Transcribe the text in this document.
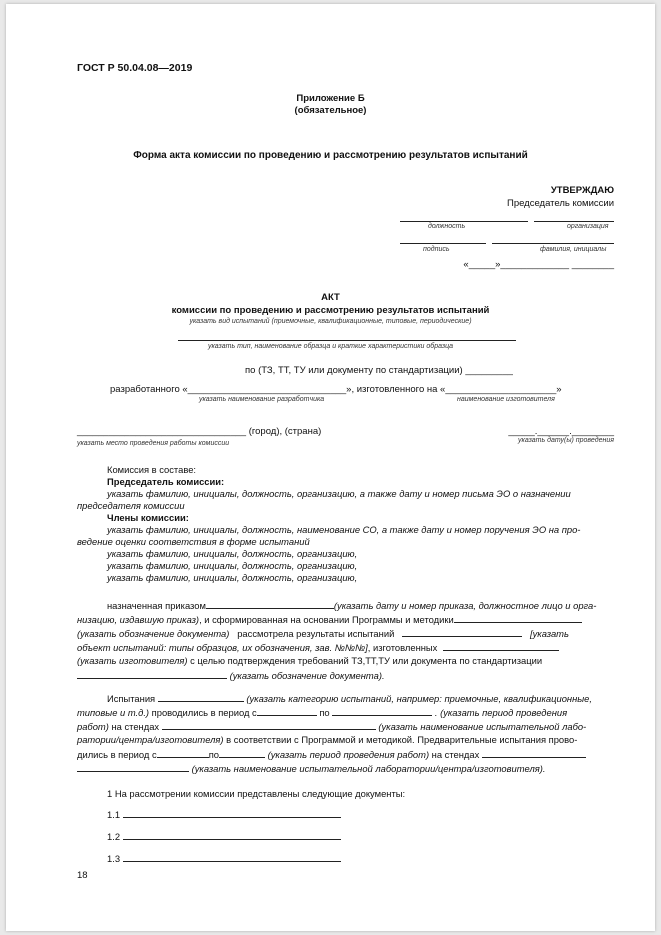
ГОСТ Р 50.04.08—2019
Приложение Б
(обязательное)
Форма акта комиссии по проведению и рассмотрению результатов испытаний
УТВЕРЖДАЮ
Председатель комиссии
должность	организация
подпись	фамилия, инициалы
«_____»_____________ ________
АКТ
комиссии по проведению и рассмотрению результатов испытаний
указать вид испытаний (приемочные, квалификационные, типовые, периодические)
указать тип, наименование образца и краткие характеристики образца
по (ТЗ, ТТ, ТУ или документу по стандартизации) _________
разработанного «______________________________», изготовленного на «_____________________»
указать наименование разработчика	наименование изготовителя
________________________________ (город), (страна)
указать место проведения работы комиссии
_____.______.________
указать дату(ы) проведения
Комиссия в составе:
Председатель комиссии:
указать фамилию, инициалы, должность, организацию, а также дату и номер письма ЭО о назначении
председателя комиссии
Члены комиссии:
указать фамилию, инициалы, должность, наименование СО, а также дату и номер поручения ЭО на про-
ведение оценки соответствия в форме испытаний
указать фамилию, инициалы, должность, организацию,
указать фамилию, инициалы, должность, организацию,
указать фамилию, инициалы, должность, организацию,
назначенная приказом	(указать дату и номер приказа, должностное лицо и орга-
низацию, издавшую приказ), и сформированная на основании Программы и методики
(указать обозначение документа) рассмотрела результаты испытаний	[указать
объект испытаний: типы образцов, их обозначения, зав. №№№], изготовленных
(указать изготовителя) с целью подтверждения требований ТЗ,ТТ,ТУ или документа по стандартизации
(указать обозначение документа).
Испытания	(указать категорию испытаний, например: приемочные, квалификационные,
типовые и т.д.) проводились в период с	по	. (указать период проведения
работ) на стендах	(указать наименование испытательной лабо-
ратории/центра/изготовителя) в соответствии с Программой и методикой. Предварительные испытания прово-
дились в период с	по	(указать период проведения работ) на стендах
(указать наименование испытательной лаборатории/центра/изготовителя).
1 На рассмотрении комиссии представлены следующие документы:
1.1
1.2
1.3
18
